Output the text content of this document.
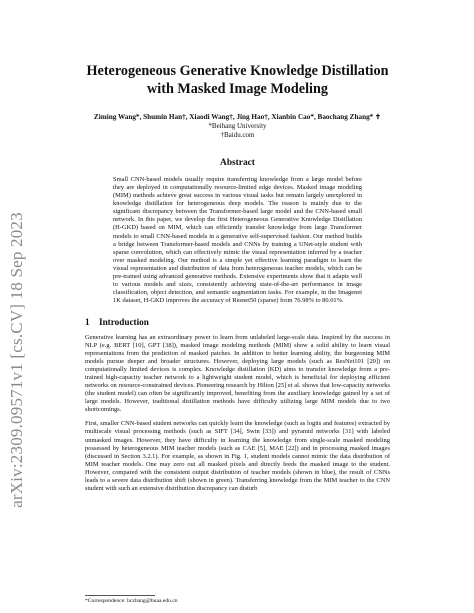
arXiv:2309.09571v1 [cs.CV] 18 Sep 2023
Heterogeneous Generative Knowledge Distillation with Masked Image Modeling
Ziming Wang*, Shumin Han†, Xiaodi Wang†, Jing Hao†, Xianbin Cao*, Baochang Zhang* ✝
*Beihang University
†Baidu.com
Abstract

Small CNN-based models usually require transferring knowledge from a large model before they are deployed in computationally resource-limited edge devices. Masked image modeling (MIM) methods achieve great success in various visual tasks but remain largely unexplored in knowledge distillation for heterogeneous deep models. The reason is mainly due to the significant discrepancy between the Transformer-based large model and the CNN-based small network. In this paper, we develop the first Heterogeneous Generative Knowledge Distillation (H-GKD) based on MIM, which can efficiently transfer knowledge from large Transformer models to small CNN-based models in a generative self-supervised fashion. Our method builds a bridge between Transformer-based models and CNNs by training a UNet-style student with sparse convolution, which can effectively mimic the visual representation inferred by a teacher over masked modeling. Our method is a simple yet effective learning paradigm to learn the visual representation and distribution of data from heterogeneous teacher models, which can be pre-trained using advanced generative methods. Extensive experiments show that it adapts well to various models and sizes, consistently achieving state-of-the-art performance in image classification, object detection, and semantic segmentation tasks. For example, in the Imagenet 1K dataset, H-GKD improves the accuracy of Resnet50 (sparse) from 76.98% to 80.01%.

1 Introduction

Generative learning has an extraordinary power to learn from unlabeled large-scale data. Inspired by the success in NLP (e.g. BERT [10], GPT [38]), masked image modeling methods (MIM) show a solid ability to learn visual representations from the prediction of masked patches. In addition to better learning ability, the burgeoning MIM models pursue deeper and broader structures. However, deploying large models (such as ResNet101 [20]) on computationally limited devices is complex. Knowledge distillation (KD) aims to transfer knowledge from a pre-trained high-capacity teacher network to a lightweight student model, which is beneficial for deploying efficient networks on resource-constrained devices. Pioneering research by Hilton [25] et al. shows that low-capacity networks (the student model) can often be significantly improved, benefiting from the auxiliary knowledge gained by a set of large models. However, traditional distillation methods have difficulty utilizing large MIM models due to two shortcomings.

First, smaller CNN-based student networks can quickly learn the knowledge (such as logits and features) extracted by multiscale visual processing methods (such as SIFT [34], Swin [33]) and pyramid networks [31] with labeled unmasked images. However, they have difficulty in learning the knowledge from single-scale masked modeling possessed by heterogeneous MIM teacher models (such as CAE [5], MAE [22]) and in processing masked images (discussed in Section 3.2.1). For example, as shown in Fig. 1, student models cannot mimic the data distribution of MIM teacher models. One may zero out all masked pixels and directly feeds the masked image to the student. However, compared with the consistent output distribution of teacher models (shown in blue), the result of CNNs leads to a severe data distribution shift (shown in green). Transferring knowledge from the MIM teacher to the CNN student with such an extensive distribution discrepancy can disturb

*Correspondence: bczhang@buaa.edu.cn
